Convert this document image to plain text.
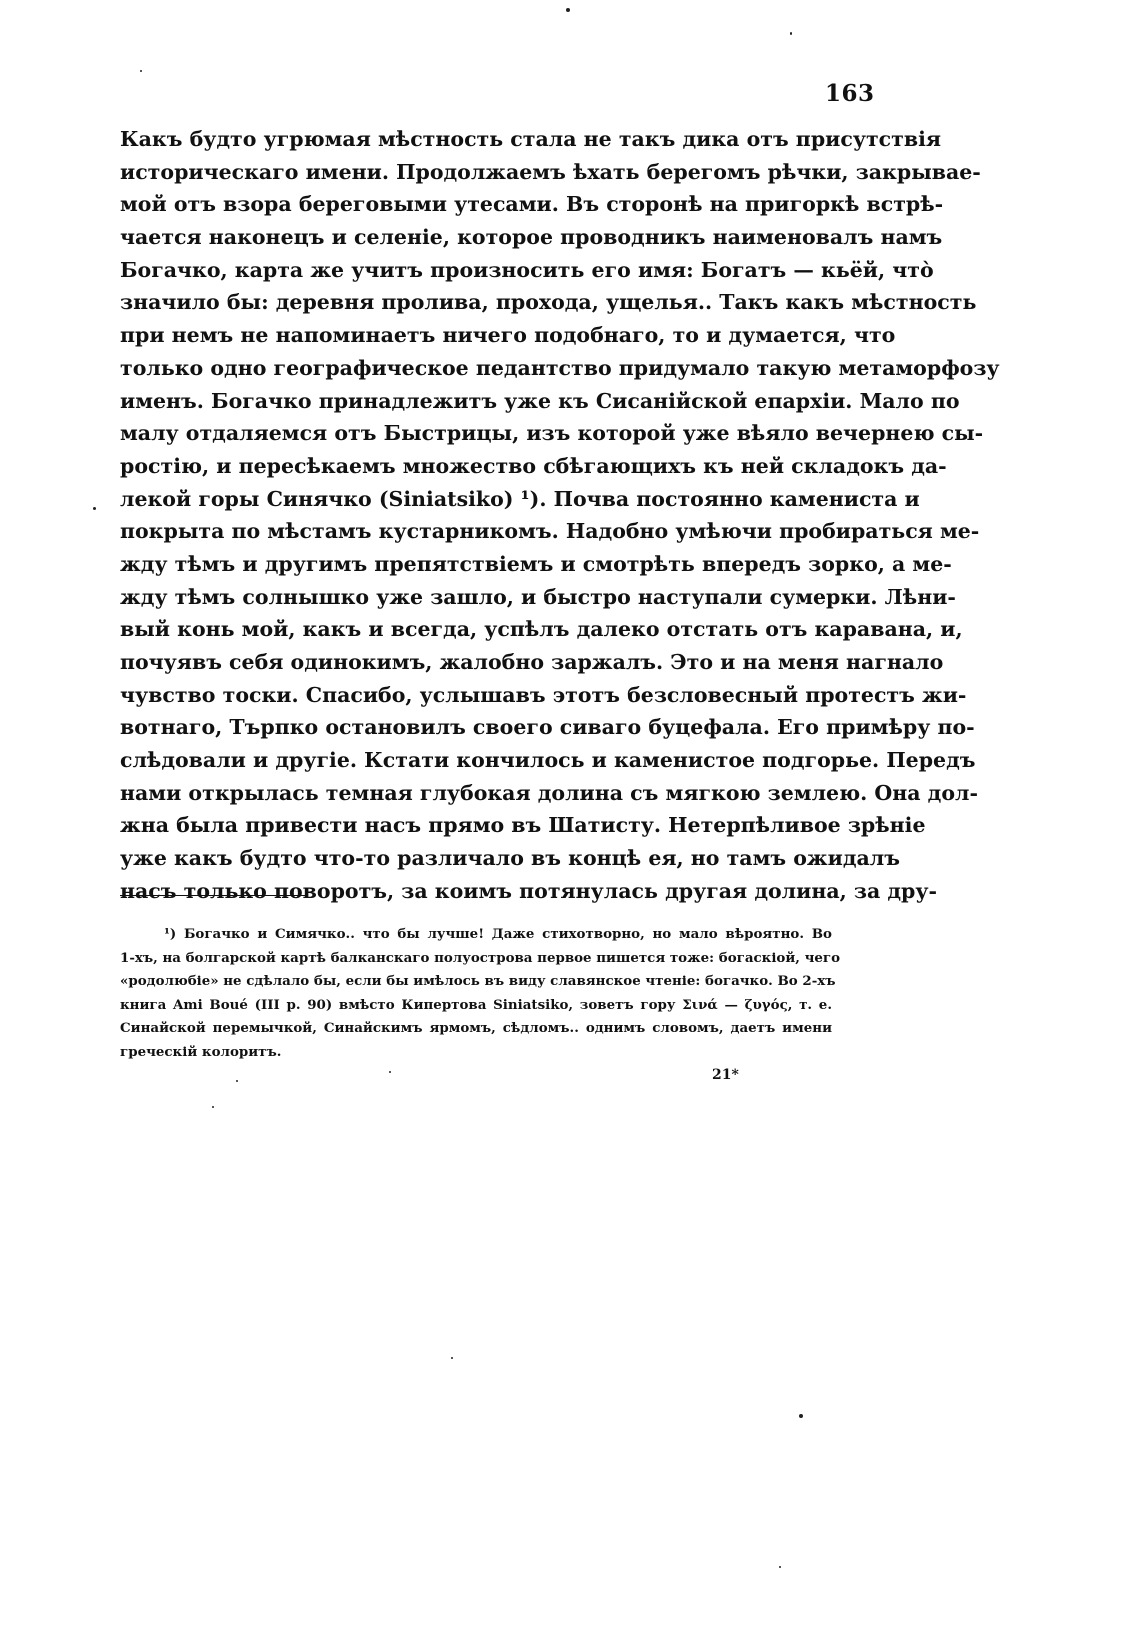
163
Какъ будто угрюмая мѣстность стала не такъ дика отъ присутствія
историческаго имени. Продолжаемъ ѣхать берегомъ рѣчки, закрывае-
мой отъ взора береговыми утесами. Въ сторонѣ на пригоркѣ встрѣ-
чается наконецъ и селеніе, которое проводникъ наименовалъ намъ
Богачко, карта же учитъ произносить его имя: Богатъ — кьёй, что̀
значило бы: деревня пролива, прохода, ущелья.. Такъ какъ мѣстность
при немъ не напоминаетъ ничего подобнаго, то и думается, что
только одно географическое педантство придумало такую метаморфозу
именъ. Богачко принадлежитъ уже къ Сисанійской епархіи. Мало по
малу отдаляемся отъ Быстрицы, изъ которой уже вѣяло вечернею сы-
ростію, и пересѣкаемъ множество сбѣгающихъ къ ней складокъ да-
лекой горы Синячко (Siniatsiko) ¹). Почва постоянно камениста и
покрыта по мѣстамъ кустарникомъ. Надобно умѣючи пробираться ме-
жду тѣмъ и другимъ препятствіемъ и смотрѣть впередъ зорко, а ме-
жду тѣмъ солнышко уже зашло, и быстро наступали сумерки. Лѣни-
вый конь мой, какъ и всегда, успѣлъ далеко отстать отъ каравана, и,
почуявъ себя одинокимъ, жалобно заржалъ. Это и на меня нагнало
чувство тоски. Спасибо, услышавъ этотъ безсловесный протестъ жи-
вотнаго, Търпко остановилъ своего сиваго буцефала. Его примѣру по-
слѣдовали и другіе. Кстати кончилось и каменистое подгорье. Передъ
нами открылась темная глубокая долина съ мягкою землею. Она дол-
жна была привести насъ прямо въ Шатисту. Нетерпѣливое зрѣніе
уже какъ будто что-то различало въ концѣ ея, но тамъ ожидалъ
насъ только поворотъ, за коимъ потянулась другая долина, за дру-
¹) Богачко и Симячко.. что бы лучше! Даже стихотворно, но мало вѣроятно. Во
1-хъ, на болгарской картѣ балканскаго полуострова первое пишется тоже: богаскіой, чего
«родолюбіе» не сдѣлало бы, если бы имѣлось въ виду славянское чтеніе: богачко. Во 2-хъ
книга Ami Boué (III р. 90) вмѣсто Кипертова Siniatsiko, зоветъ гору Σινά — ζυγός, т. е.
Синайской перемычкой, Синайскимъ ярмомъ, сѣдломъ.. однимъ словомъ, даетъ имени
греческій колоритъ.
21*
